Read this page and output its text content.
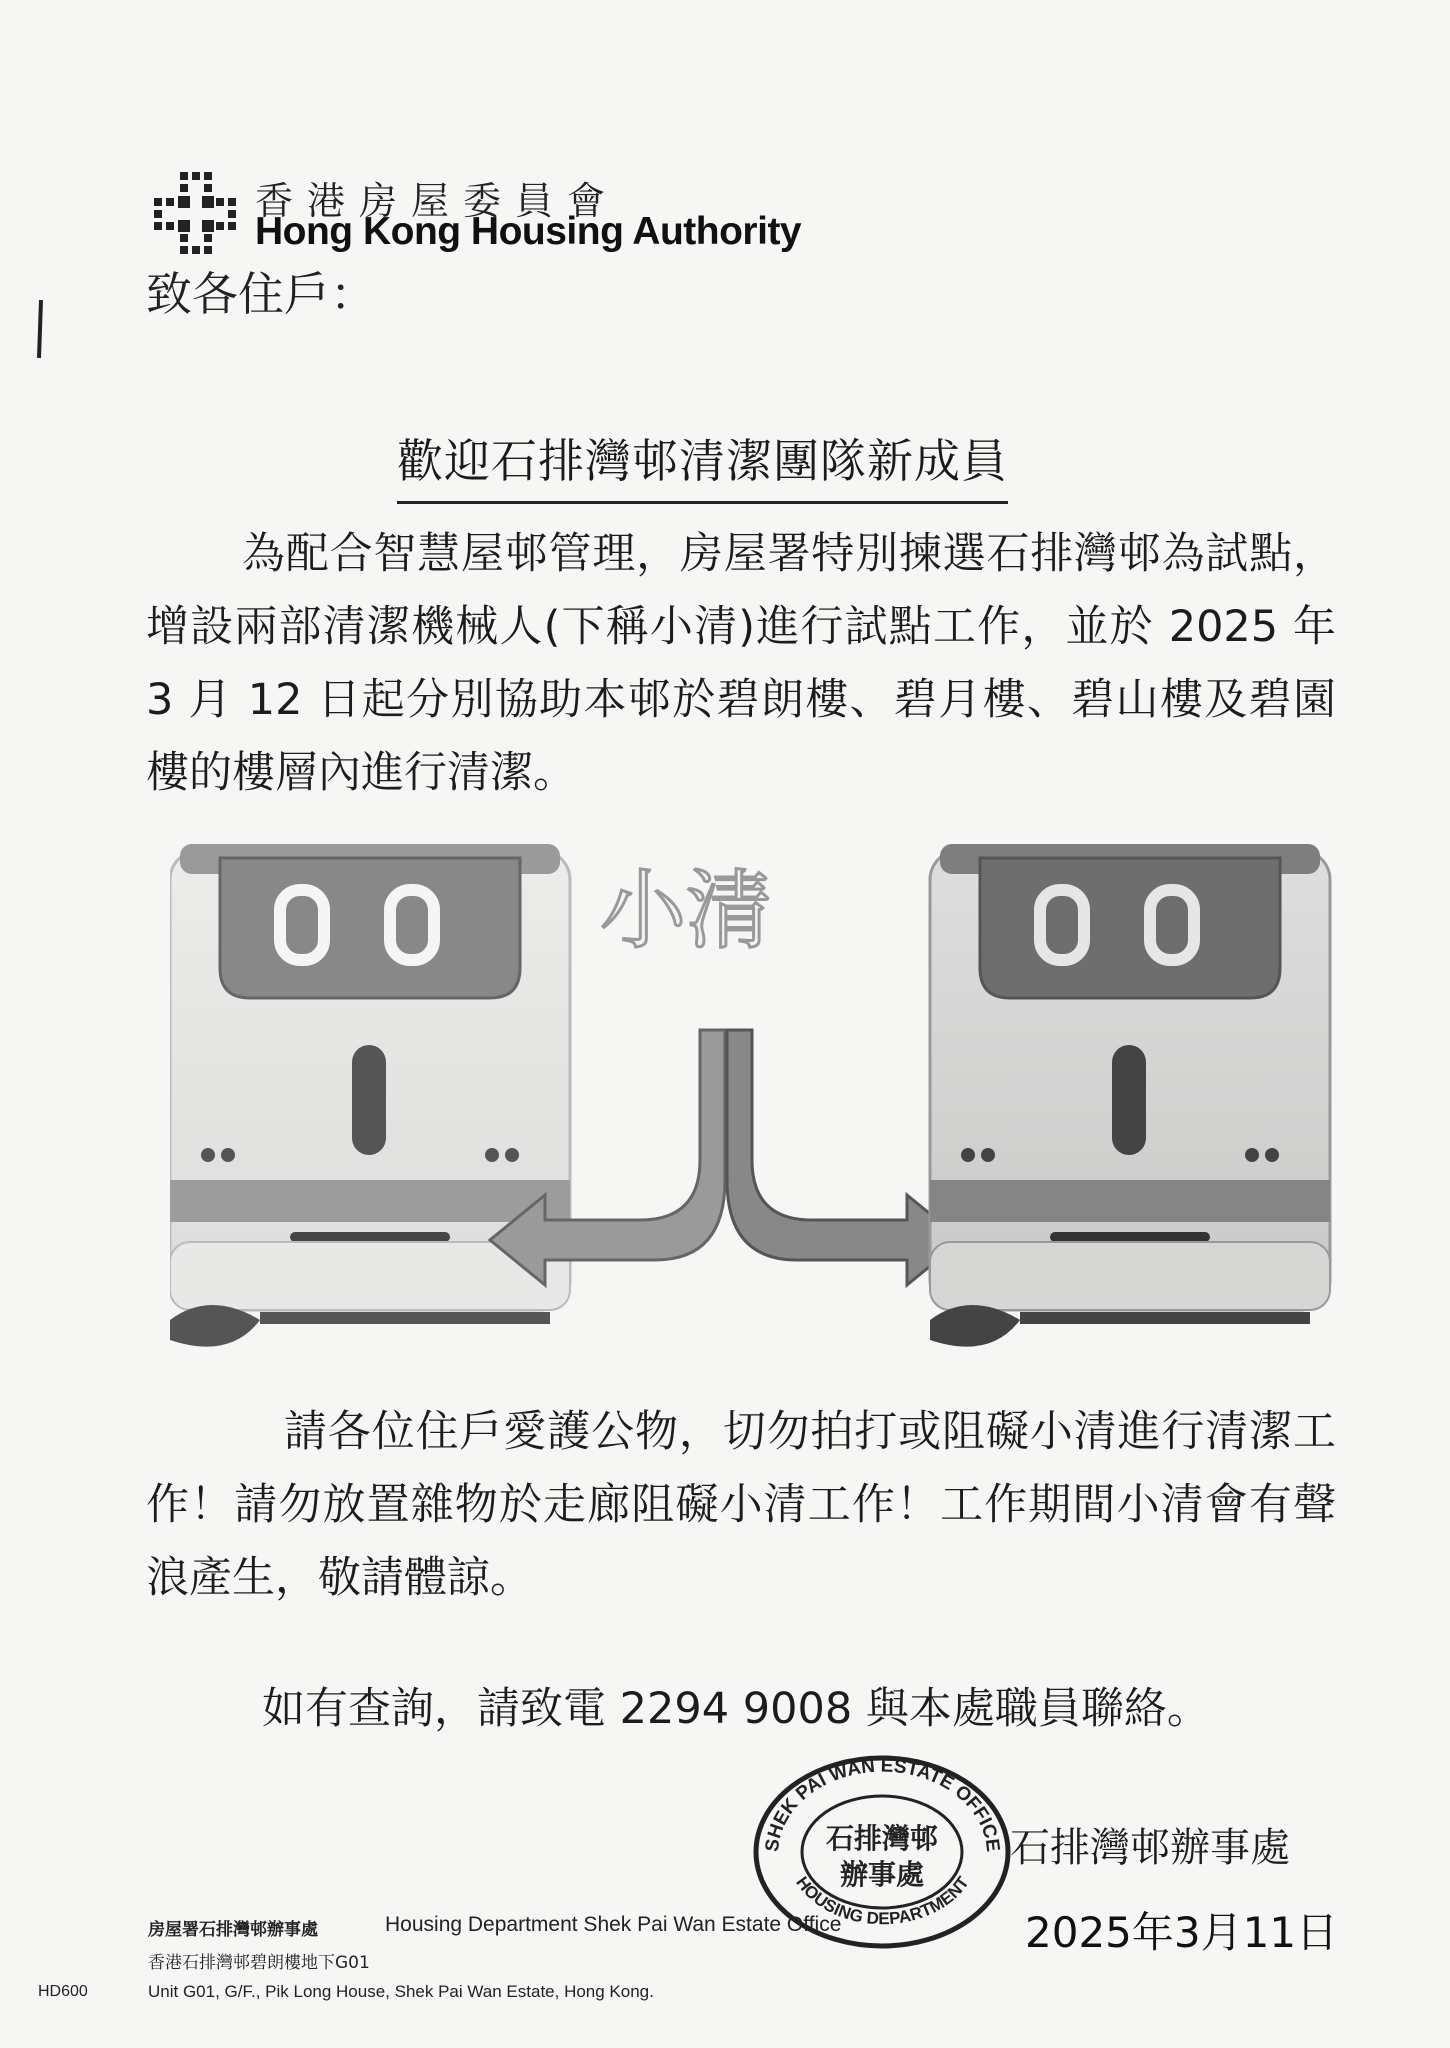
香港房屋委員會
Hong Kong Housing Authority
致各住戶：
歡迎石排灣邨清潔團隊新成員
為配合智慧屋邨管理，房屋署特別揀選石排灣邨為試點，增設兩部清潔機械人(下稱小清)進行試點工作，並於 2025 年 3 月 12 日起分別協助本邨於碧朗樓、碧月樓、碧山樓及碧園樓的樓層內進行清潔。
小清
請各位住戶愛護公物，切勿拍打或阻礙小清進行清潔工作！請勿放置雜物於走廊阻礙小清工作！工作期間小清會有聲浪產生，敬請體諒。
如有查詢，請致電 2294 9008 與本處職員聯絡。
SHEK PAI WAN ESTATE OFFICE
HOUSING DEPARTMENT
石排灣邨
辦事處
石排灣邨辦事處
2025年3月11日
房屋署石排灣邨辦事處	Housing Department Shek Pai Wan Estate Office
香港石排灣邨碧朗樓地下G01
HD600	Unit G01, G/F., Pik Long House, Shek Pai Wan Estate, Hong Kong.
